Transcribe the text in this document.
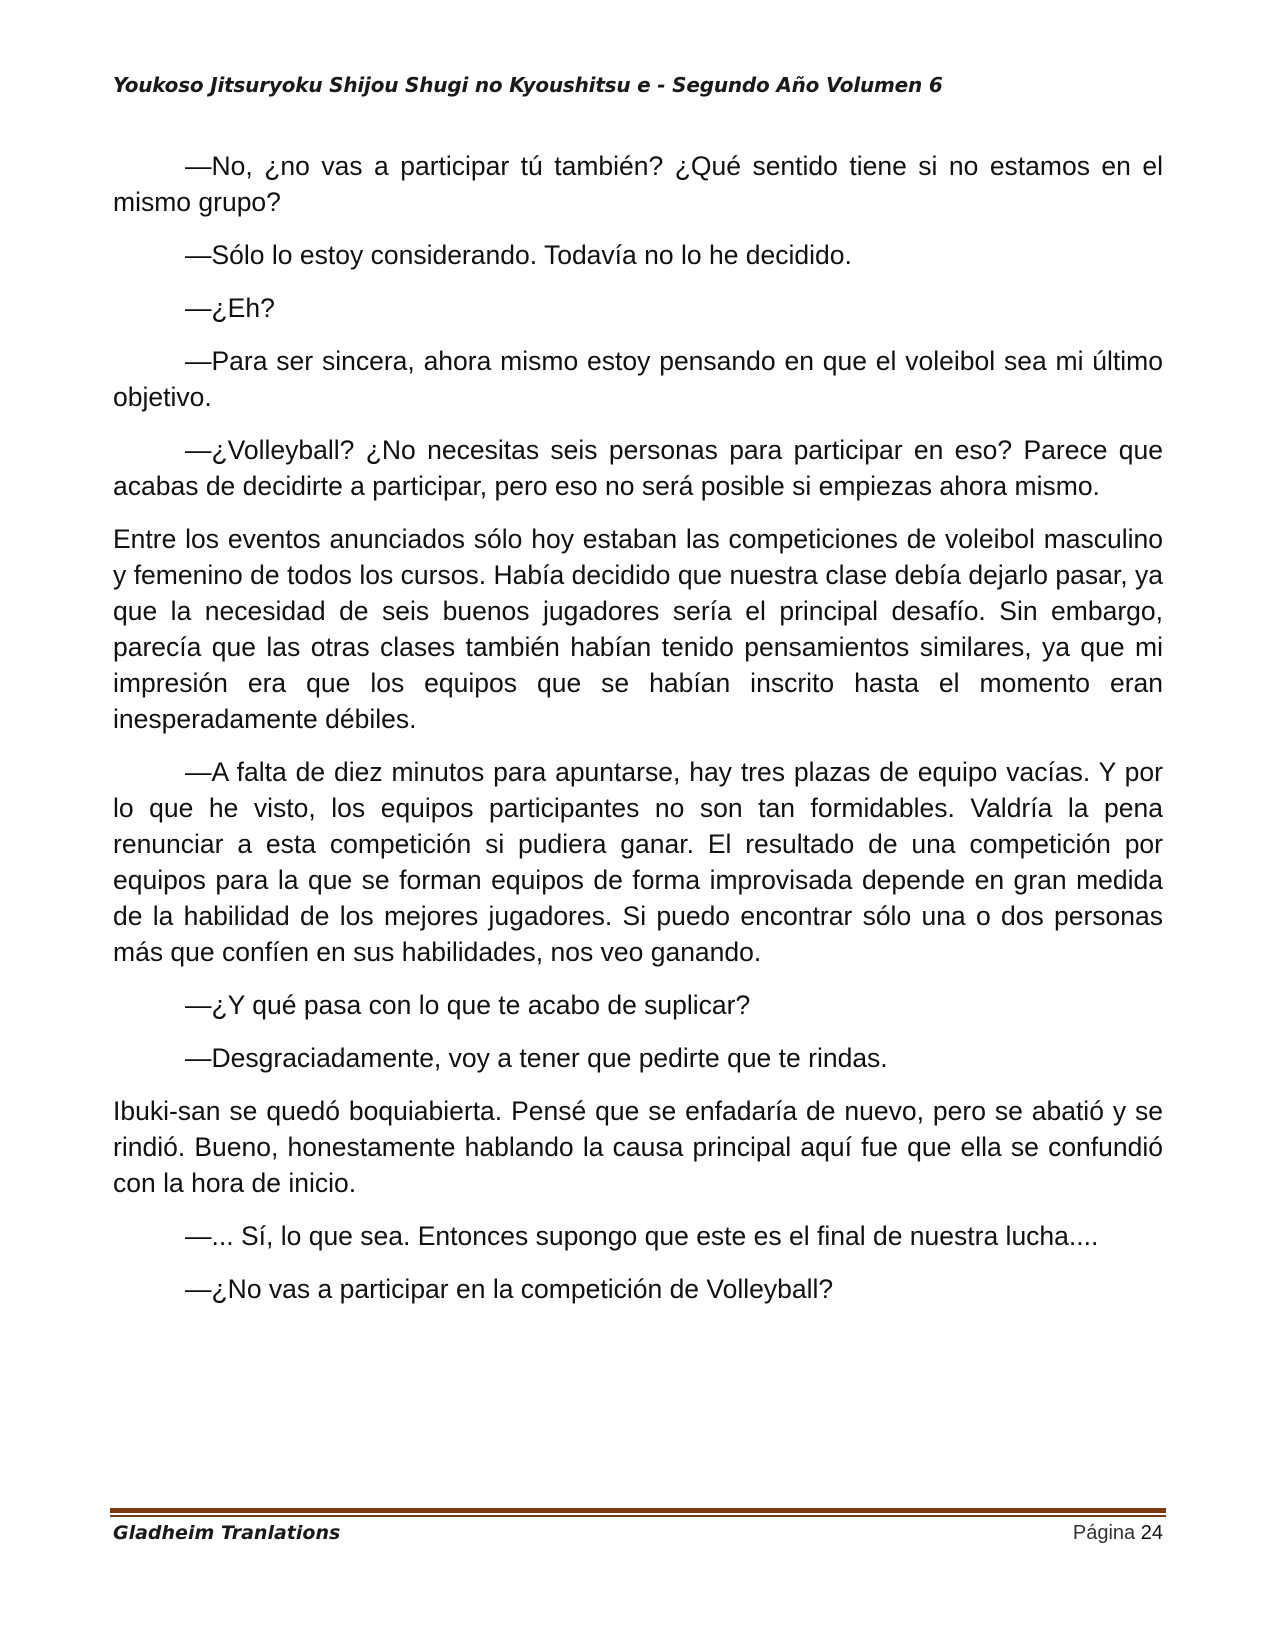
Youkoso Jitsuryoku Shijou Shugi no Kyoushitsu e - Segundo Año Volumen 6

—No, ¿no vas a participar tú también? ¿Qué sentido tiene si no estamos en el mismo grupo?

—Sólo lo estoy considerando. Todavía no lo he decidido.

—¿Eh?

—Para ser sincera, ahora mismo estoy pensando en que el voleibol sea mi último objetivo.

—¿Volleyball? ¿No necesitas seis personas para participar en eso? Parece que acabas de decidirte a participar, pero eso no será posible si empiezas ahora mismo.

Entre los eventos anunciados sólo hoy estaban las competiciones de voleibol masculino y femenino de todos los cursos. Había decidido que nuestra clase debía dejarlo pasar, ya que la necesidad de seis buenos jugadores sería el principal desafío. Sin embargo, parecía que las otras clases también habían tenido pensamientos similares, ya que mi impresión era que los equipos que se habían inscrito hasta el momento eran inesperadamente débiles.

—A falta de diez minutos para apuntarse, hay tres plazas de equipo vacías. Y por lo que he visto, los equipos participantes no son tan formidables. Valdría la pena renunciar a esta competición si pudiera ganar. El resultado de una competición por equipos para la que se forman equipos de forma improvisada depende en gran medida de la habilidad de los mejores jugadores. Si puedo encontrar sólo una o dos personas más que confíen en sus habilidades, nos veo ganando.

—¿Y qué pasa con lo que te acabo de suplicar?

—Desgraciadamente, voy a tener que pedirte que te rindas.

Ibuki-san se quedó boquiabierta. Pensé que se enfadaría de nuevo, pero se abatió y se rindió. Bueno, honestamente hablando la causa principal aquí fue que ella se confundió con la hora de inicio.

—... Sí, lo que sea. Entonces supongo que este es el final de nuestra lucha....

—¿No vas a participar en la competición de Volleyball?

Gladheim Tranlations	Página 24
